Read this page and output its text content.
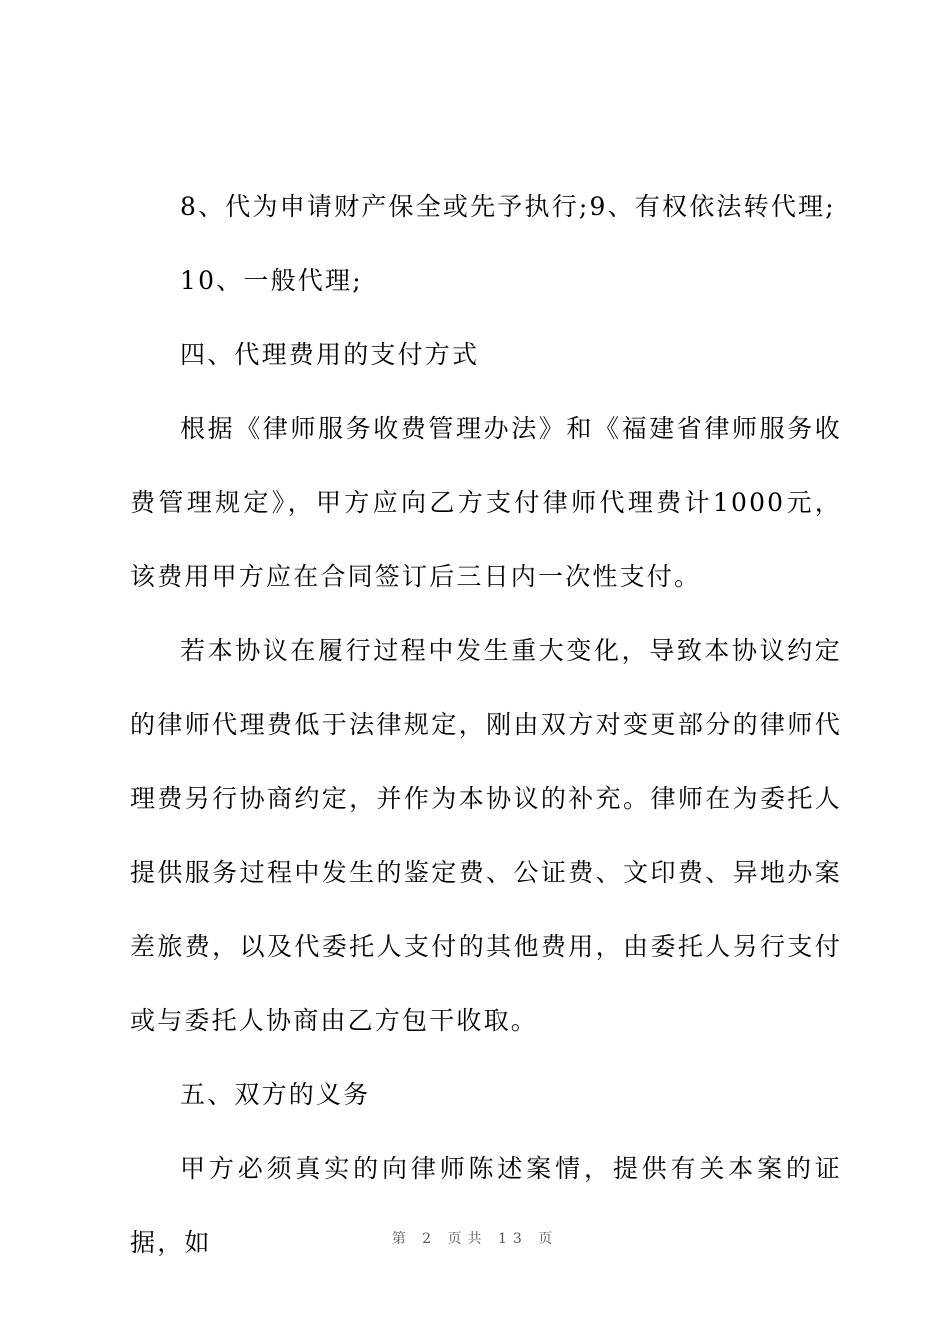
8、代为申请财产保全或先予执行;9、有权依法转代理;

10、一般代理;

四、代理费用的支付方式

根据《律师服务收费管理办法》和《福建省律师服务收费管理规定》，甲方应向乙方支付律师代理费计1000元，该费用甲方应在合同签订后三日内一次性支付。

若本协议在履行过程中发生重大变化，导致本协议约定的律师代理费低于法律规定，刚由双方对变更部分的律师代理费另行协商约定，并作为本协议的补充。律师在为委托人提供服务过程中发生的鉴定费、公证费、文印费、异地办案差旅费，以及代委托人支付的其他费用，由委托人另行支付或与委托人协商由乙方包干收取。

五、双方的义务

甲方必须真实的向律师陈述案情，提供有关本案的证据，如	第 2 页共 13 页
